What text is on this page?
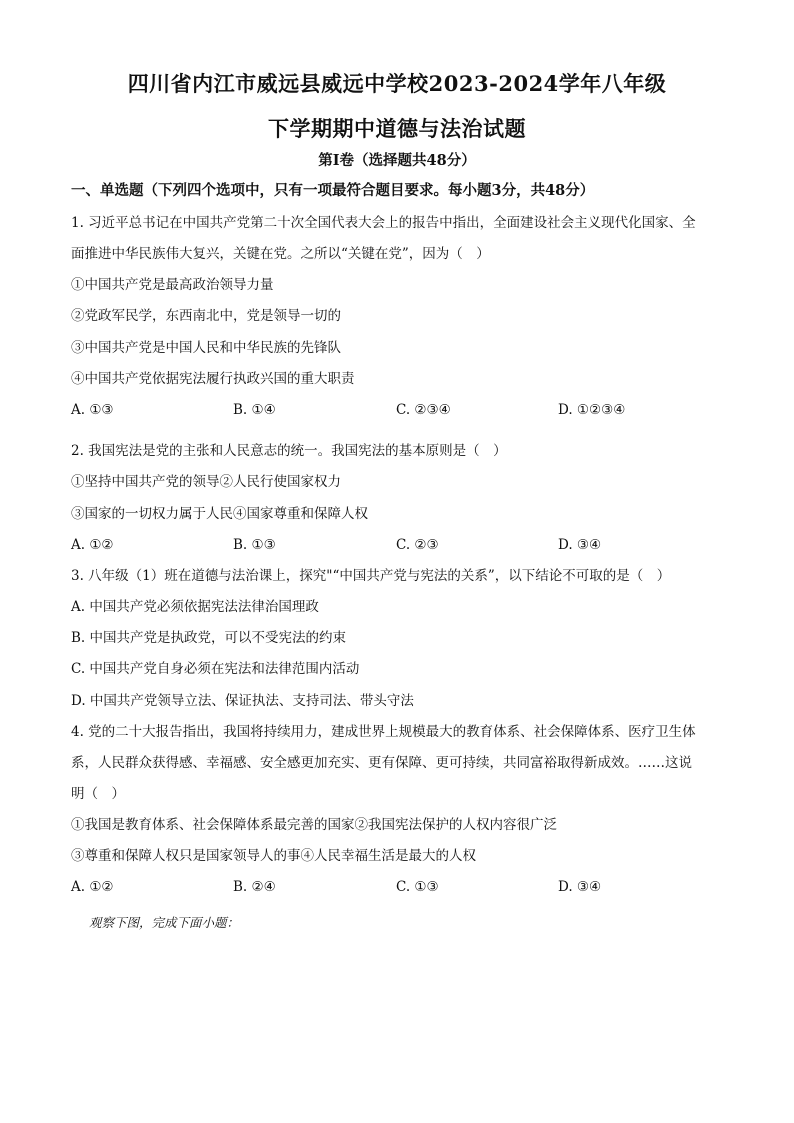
四川省内江市威远县威远中学校2023-2024学年八年级
下学期期中道德与法治试题
第Ⅰ卷（选择题共48分）
一、单选题（下列四个选项中，只有一项最符合题目要求。每小题3分，共48分）
1. 习近平总书记在中国共产党第二十次全国代表大会上的报告中指出，全面建设社会主义现代化国家、全
面推进中华民族伟大复兴，关键在党。之所以“关键在党”，因为（　）
①中国共产党是最高政治领导力量
②党政军民学，东西南北中，党是领导一切的
③中国共产党是中国人民和中华民族的先锋队
④中国共产党依据宪法履行执政兴国的重大职责
A. ①③	B. ①④	C. ②③④	D. ①②③④
2. 我国宪法是党的主张和人民意志的统一。我国宪法的基本原则是（　）
①坚持中国共产党的领导②人民行使国家权力
③国家的一切权力属于人民④国家尊重和保障人权
A. ①②	B. ①③	C. ②③	D. ③④
3. 八年级（1）班在道德与法治课上，探究"“中国共产党与宪法的关系”，以下结论不可取的是（　）
A. 中国共产党必须依据宪法法律治国理政
B. 中国共产党是执政党，可以不受宪法的约束
C. 中国共产党自身必须在宪法和法律范围内活动
D. 中国共产党领导立法、保证执法、支持司法、带头守法
4. 党的二十大报告指出，我国将持续用力，建成世界上规模最大的教育体系、社会保障体系、医疗卫生体
系，人民群众获得感、幸福感、安全感更加充实、更有保障、更可持续，共同富裕取得新成效。……这说
明（　）
①我国是教育体系、社会保障体系最完善的国家②我国宪法保护的人权内容很广泛
③尊重和保障人权只是国家领导人的事④人民幸福生活是最大的人权
A. ①②	B. ②④	C. ①③	D. ③④
观察下图，完成下面小题：
